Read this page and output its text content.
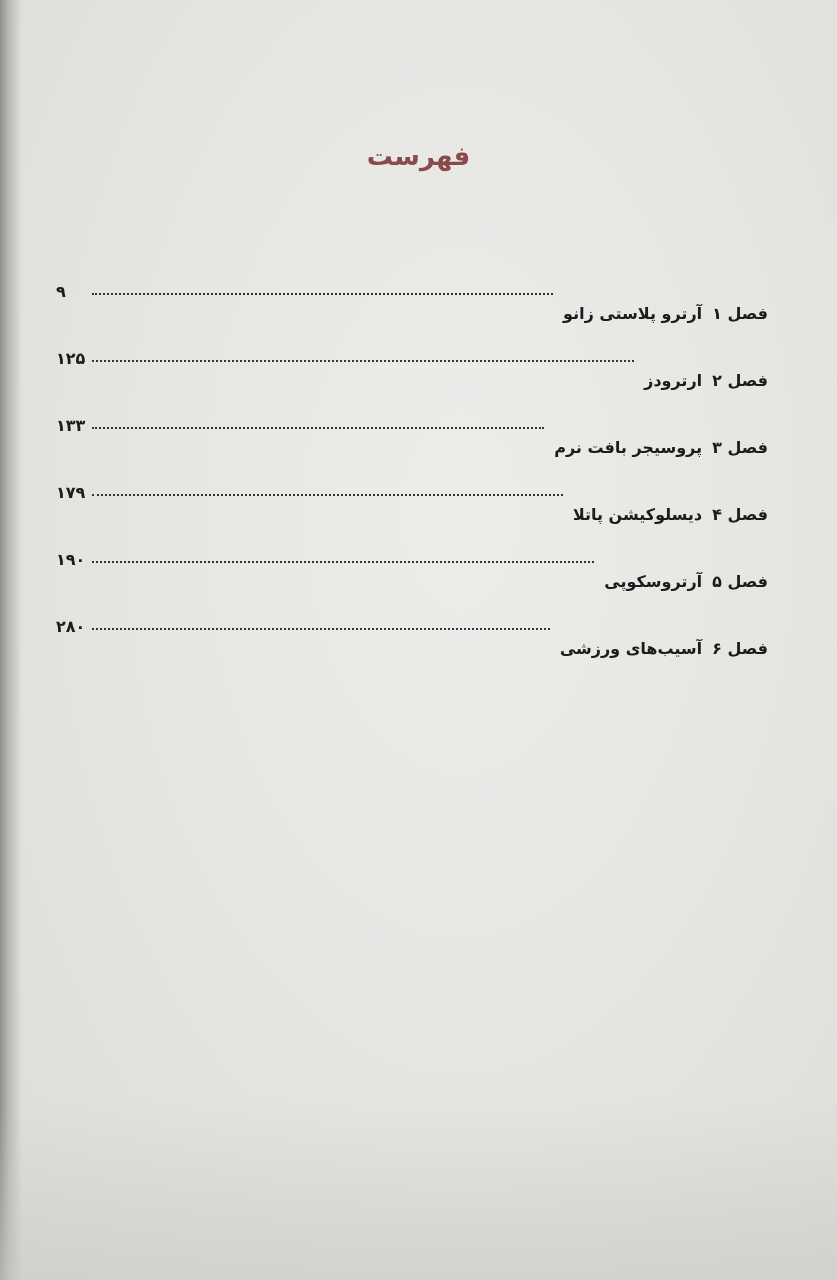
فهرست
فصل ۱
آرترو پلاستی زانو
۹
فصل ۲
ارترودز
۱۲۵
فصل ۳
پروسیجر بافت نرم
۱۳۳
فصل ۴
دیسلوکیشن پاتلا
۱۷۹
فصل ۵
آرتروسکوپی
۱۹۰
فصل ۶
آسیب‌های ورزشی
۲۸۰
